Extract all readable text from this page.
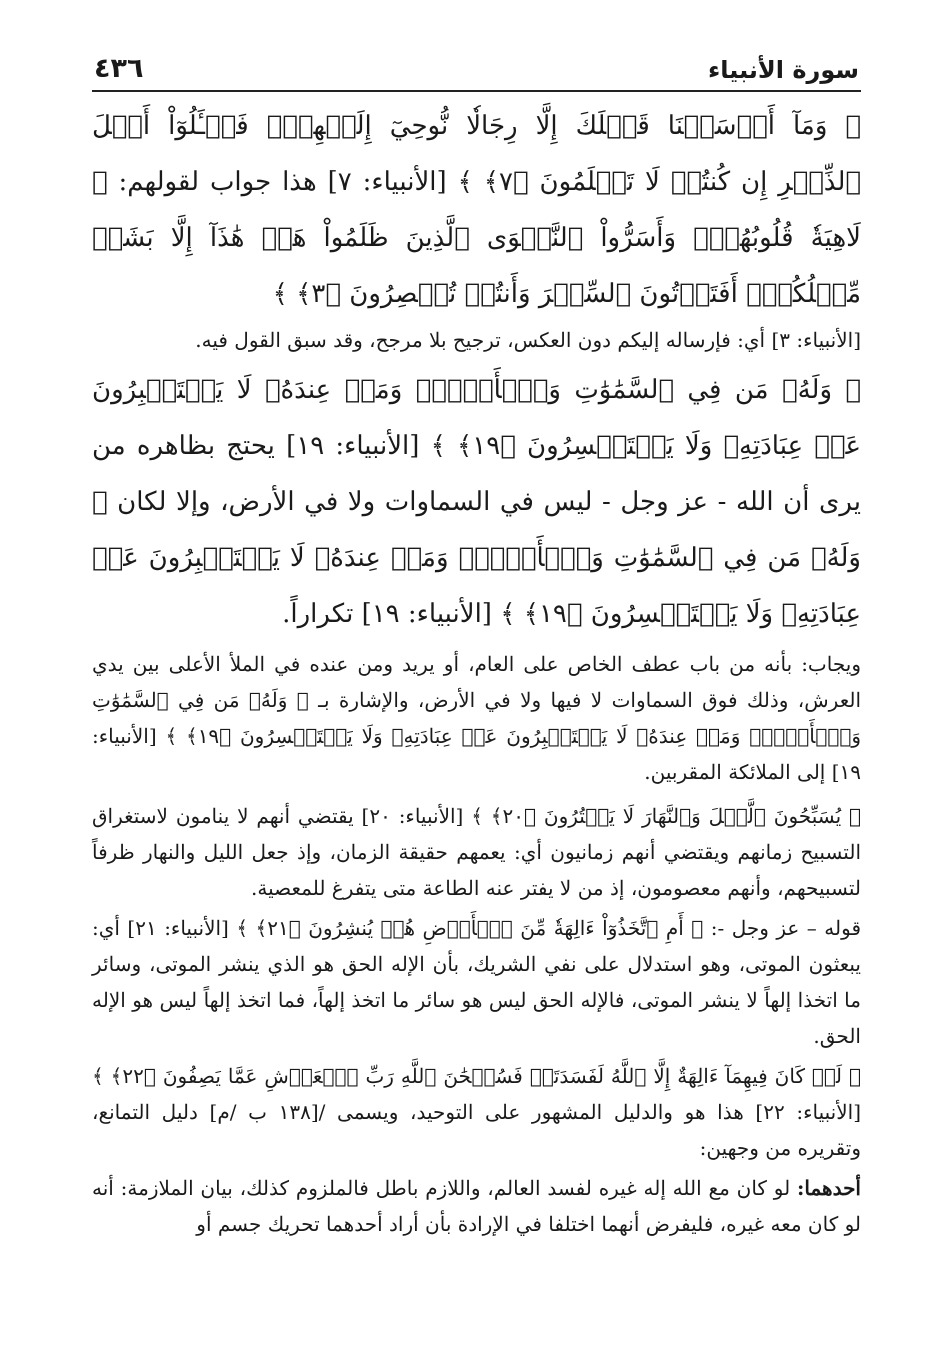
سورة الأنبياء
٤٣٦

﴿ وَمَآ أَرۡسَلۡنَا قَبۡلَكَ إِلَّا رِجَالٗا نُّوحِيٓ إِلَيۡهِمۡۖ فَسۡـَٔلُوٓاْ أَهۡلَ ٱلذِّكۡرِ إِن كُنتُمۡ لَا تَعۡلَمُونَ ﴿٧﴾ ﴾ [الأنبياء: ٧] هذا جواب لقولهم: ﴿ لَاهِيَةٗ قُلُوبُهُمۡۗ وَأَسَرُّواْ ٱلنَّجۡوَى ٱلَّذِينَ ظَلَمُواْ هَلۡ هَٰذَآ إِلَّا بَشَرٞ مِّثۡلُكُمۡۖ أَفَتَأۡتُونَ ٱلسِّحۡرَ وَأَنتُمۡ تُبۡصِرُونَ ﴿٣﴾ ﴾

[الأنبياء: ٣] أي: فإرساله إليكم دون العكس، ترجيح بلا مرجح، وقد سبق القول فيه.

﴿ وَلَهُۥ مَن فِي ٱلسَّمَٰوَٰتِ وَٱلۡأَرۡضِۚ وَمَنۡ عِندَهُۥ لَا يَسۡتَكۡبِرُونَ عَنۡ عِبَادَتِهِۦ وَلَا يَسۡتَحۡسِرُونَ ﴿١٩﴾ ﴾ [الأنبياء: ١٩] يحتج بظاهره من يرى أن الله - عز وجل - ليس في السماوات ولا في الأرض، وإلا لكان ﴿ وَلَهُۥ مَن فِي ٱلسَّمَٰوَٰتِ وَٱلۡأَرۡضِۚ وَمَنۡ عِندَهُۥ لَا يَسۡتَكۡبِرُونَ عَنۡ عِبَادَتِهِۦ وَلَا يَسۡتَحۡسِرُونَ ﴿١٩﴾ ﴾ [الأنبياء: ١٩] تكراراً.

ويجاب: بأنه من باب عطف الخاص على العام، أو يريد ومن عنده في الملأ الأعلى بين يدي العرش، وذلك فوق السماوات لا فيها ولا في الأرض، والإشارة بـ ﴿ وَلَهُۥ مَن فِي ٱلسَّمَٰوَٰتِ وَٱلۡأَرۡضِۚ وَمَنۡ عِندَهُۥ لَا يَسۡتَكۡبِرُونَ عَنۡ عِبَادَتِهِۦ وَلَا يَسۡتَحۡسِرُونَ ﴿١٩﴾ ﴾ [الأنبياء: ١٩] إلى الملائكة المقربين.

﴿ يُسَبِّحُونَ ٱلَّيۡلَ وَٱلنَّهَارَ لَا يَفۡتُرُونَ ﴿٢٠﴾ ﴾ [الأنبياء: ٢٠] يقتضي أنهم لا ينامون لاستغراق التسبيح زمانهم ويقتضي أنهم زمانيون أي: يعمهم حقيقة الزمان، وإذ جعل الليل والنهار ظرفاً لتسبيحهم، وأنهم معصومون، إذ من لا يفتر عنه الطاعة متى يتفرغ للمعصية.

قوله – عز وجل -: ﴿ أَمِ ٱتَّخَذُوٓاْ ءَالِهَةٗ مِّنَ ٱلۡأَرۡضِ هُمۡ يُنشِرُونَ ﴿٢١﴾ ﴾ [الأنبياء: ٢١] أي: يبعثون الموتى، وهو استدلال على نفي الشريك، بأن الإله الحق هو الذي ينشر الموتى، وسائر ما اتخذا إلهاً لا ينشر الموتى، فالإله الحق ليس هو سائر ما اتخذ إلهاً، فما اتخذ إلهاً ليس هو الإله الحق.

﴿ لَوۡ كَانَ فِيهِمَآ ءَالِهَةٌ إِلَّا ٱللَّهُ لَفَسَدَتَاۚ فَسُبۡحَٰنَ ٱللَّهِ رَبِّ ٱلۡعَرۡشِ عَمَّا يَصِفُونَ ﴿٢٢﴾ ﴾ [الأنبياء: ٢٢] هذا هو والدليل المشهور على التوحيد، ويسمى /[١٣٨ ب /م] دليل التمانع، وتقريره من وجهين:

أحدهما: لو كان مع الله إله غيره لفسد العالم، واللازم باطل فالملزوم كذلك، بيان الملازمة: أنه لو كان معه غيره، فليفرض أنهما اختلفا في الإرادة بأن أراد أحدهما تحريك جسم أو
